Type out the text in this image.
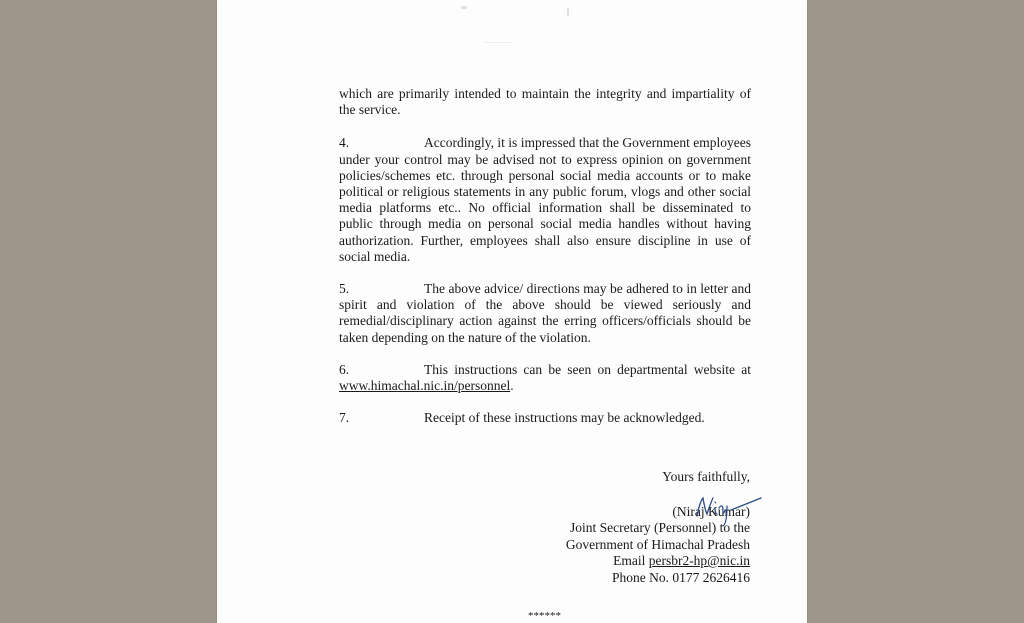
which are primarily intended to maintain the integrity and impartiality of the service.

4.	Accordingly, it is impressed that the Government employees under your control may be advised not to express opinion on government policies/schemes etc. through personal social media accounts or to make political or religious statements in any public forum, vlogs and other social media platforms etc.. No official information shall be disseminated to public through media on personal social media handles without having authorization. Further, employees shall also ensure discipline in use of social media.

5.	The above advice/ directions may be adhered to in letter and spirit and violation of the above should be viewed seriously and remedial/disciplinary action against the erring officers/officials should be taken depending on the nature of the violation.

6.	This instructions can be seen on departmental website at www.himachal.nic.in/personnel.

7.	Receipt of these instructions may be acknowledged.

Yours faithfully,
(Niraj Kumar)
Joint Secretary (Personnel) to the
Government of Himachal Pradesh
Email persbr2-hp@nic.in
Phone No. 0177 2626416
******
